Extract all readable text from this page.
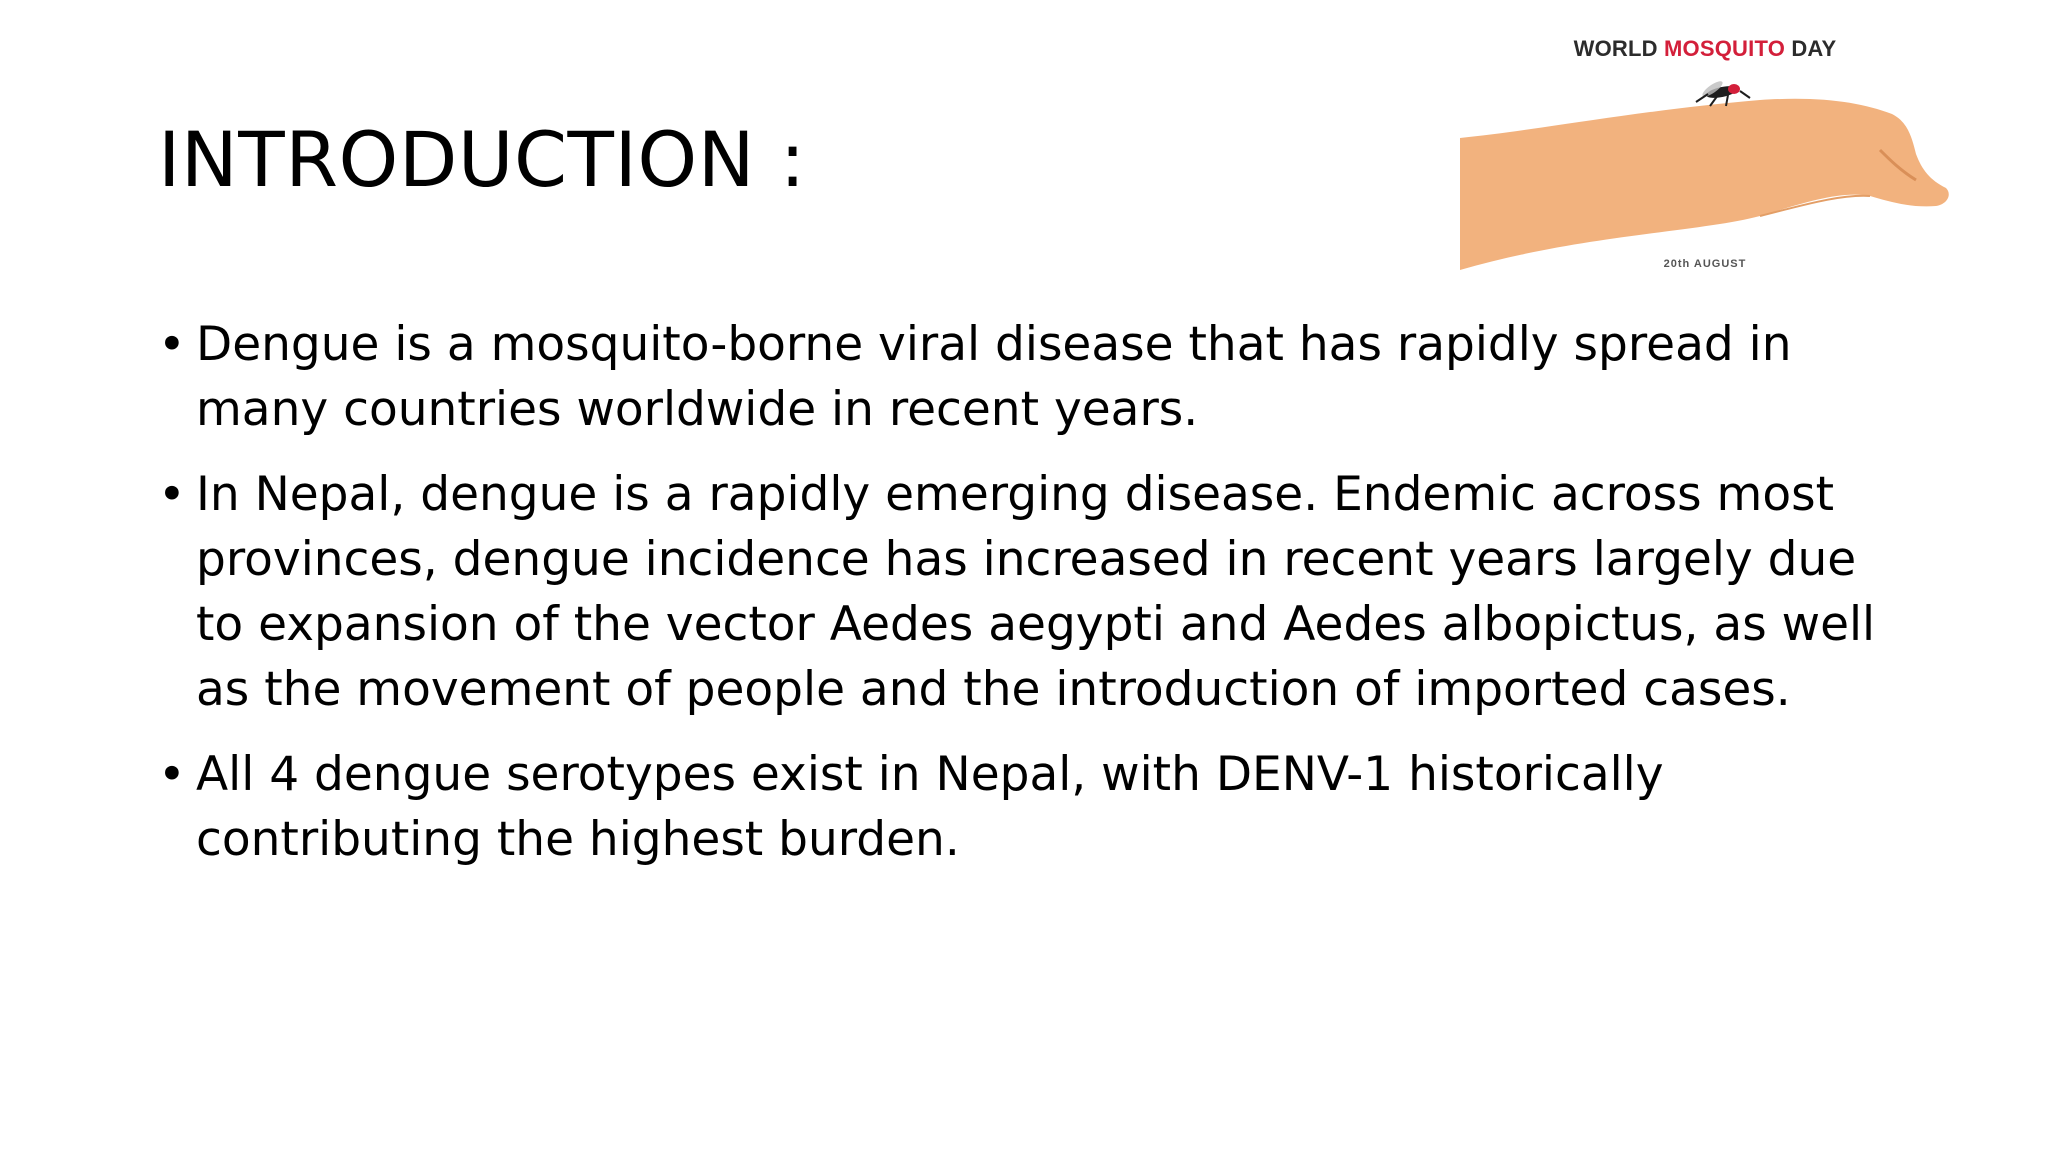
INTRODUCTION :
WORLD MOSQUITO DAY
20th AUGUST
• Dengue is a mosquito-borne viral disease that has rapidly spread in many countries worldwide in recent years.
• In Nepal, dengue is a rapidly emerging disease. Endemic across most provinces, dengue incidence has increased in recent years largely due to expansion of the vector Aedes aegypti and Aedes albopictus, as well as the movement of people and the introduction of imported cases.
• All 4 dengue serotypes exist in Nepal, with DENV-1 historically contributing the highest burden.
